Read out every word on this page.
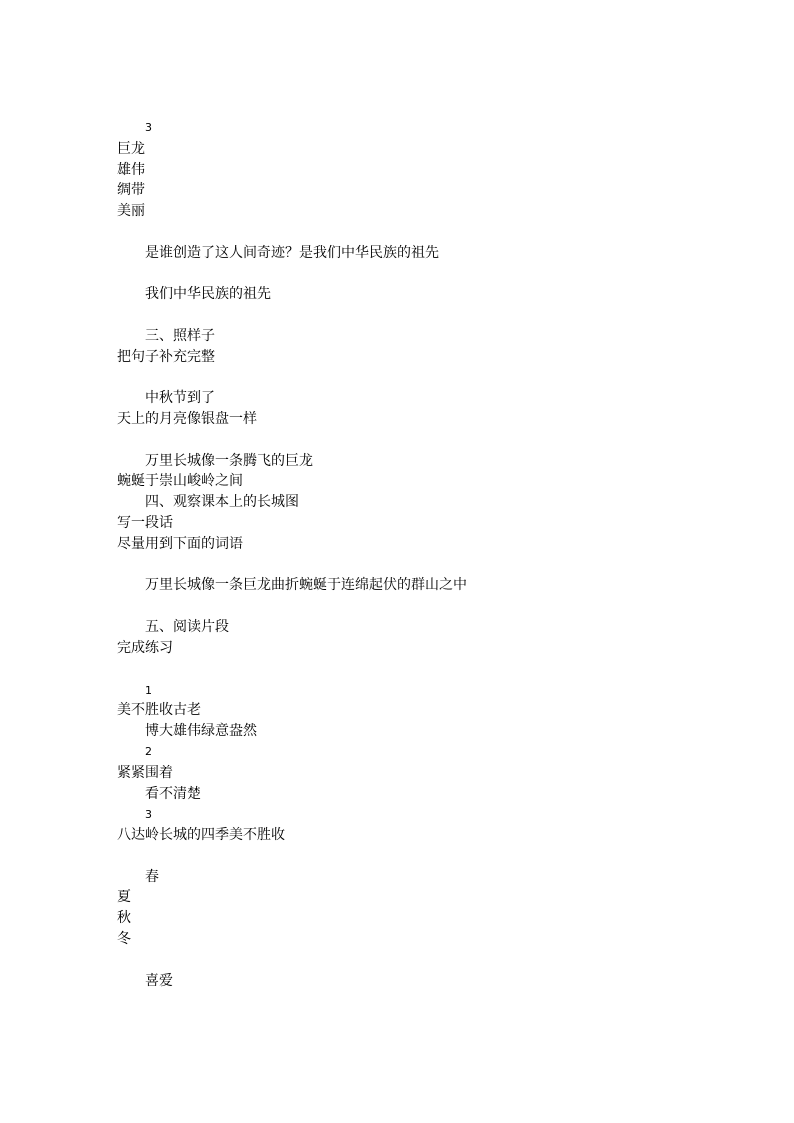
3
巨龙
雄伟
绸带
美丽
是谁创造了这人间奇迹？是我们中华民族的祖先
我们中华民族的祖先
三、照样子
把句子补充完整
中秋节到了
天上的月亮像银盘一样
万里长城像一条腾飞的巨龙
蜿蜒于崇山峻岭之间
四、观察课本上的长城图
写一段话
尽量用到下面的词语
万里长城像一条巨龙曲折蜿蜒于连绵起伏的群山之中
五、阅读片段
完成练习
1
美不胜收古老
博大雄伟绿意盎然
2
紧紧围着
看不清楚
3
八达岭长城的四季美不胜收
春
夏
秋
冬
喜爱
